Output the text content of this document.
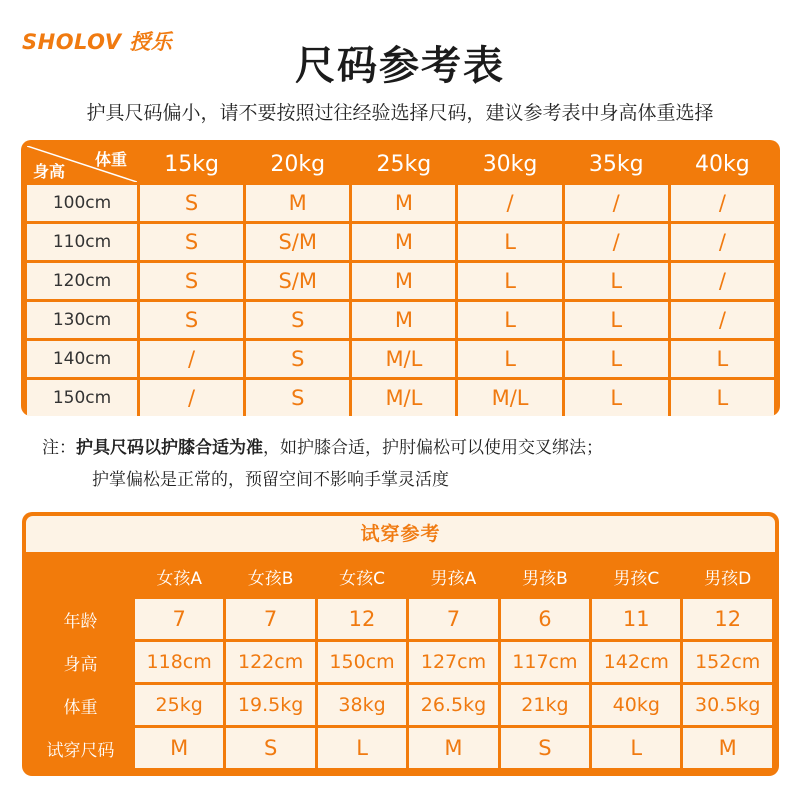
SHOLOV 授乐
尺码参考表
护具尺码偏小，请不要按照过往经验选择尺码，建议参考表中身高体重选择
体重
身高	15kg	20kg	25kg	30kg	35kg	40kg
100cm	S	M	M	/	/	/
110cm	S	S/M	M	L	/	/
120cm	S	S/M	M	L	L	/
130cm	S	S	M	L	L	/
140cm	/	S	M/L	L	L	L
150cm	/	S	M/L	M/L	L	L
注：护具尺码以护膝合适为准，如护膝合适，护肘偏松可以使用交叉绑法；
护掌偏松是正常的，预留空间不影响手掌灵活度
试穿参考
	女孩A	女孩B	女孩C	男孩A	男孩B	男孩C	男孩D
年龄	7	7	12	7	6	11	12
身高	118cm	122cm	150cm	127cm	117cm	142cm	152cm
体重	25kg	19.5kg	38kg	26.5kg	21kg	40kg	30.5kg
试穿尺码	M	S	L	M	S	L	M
